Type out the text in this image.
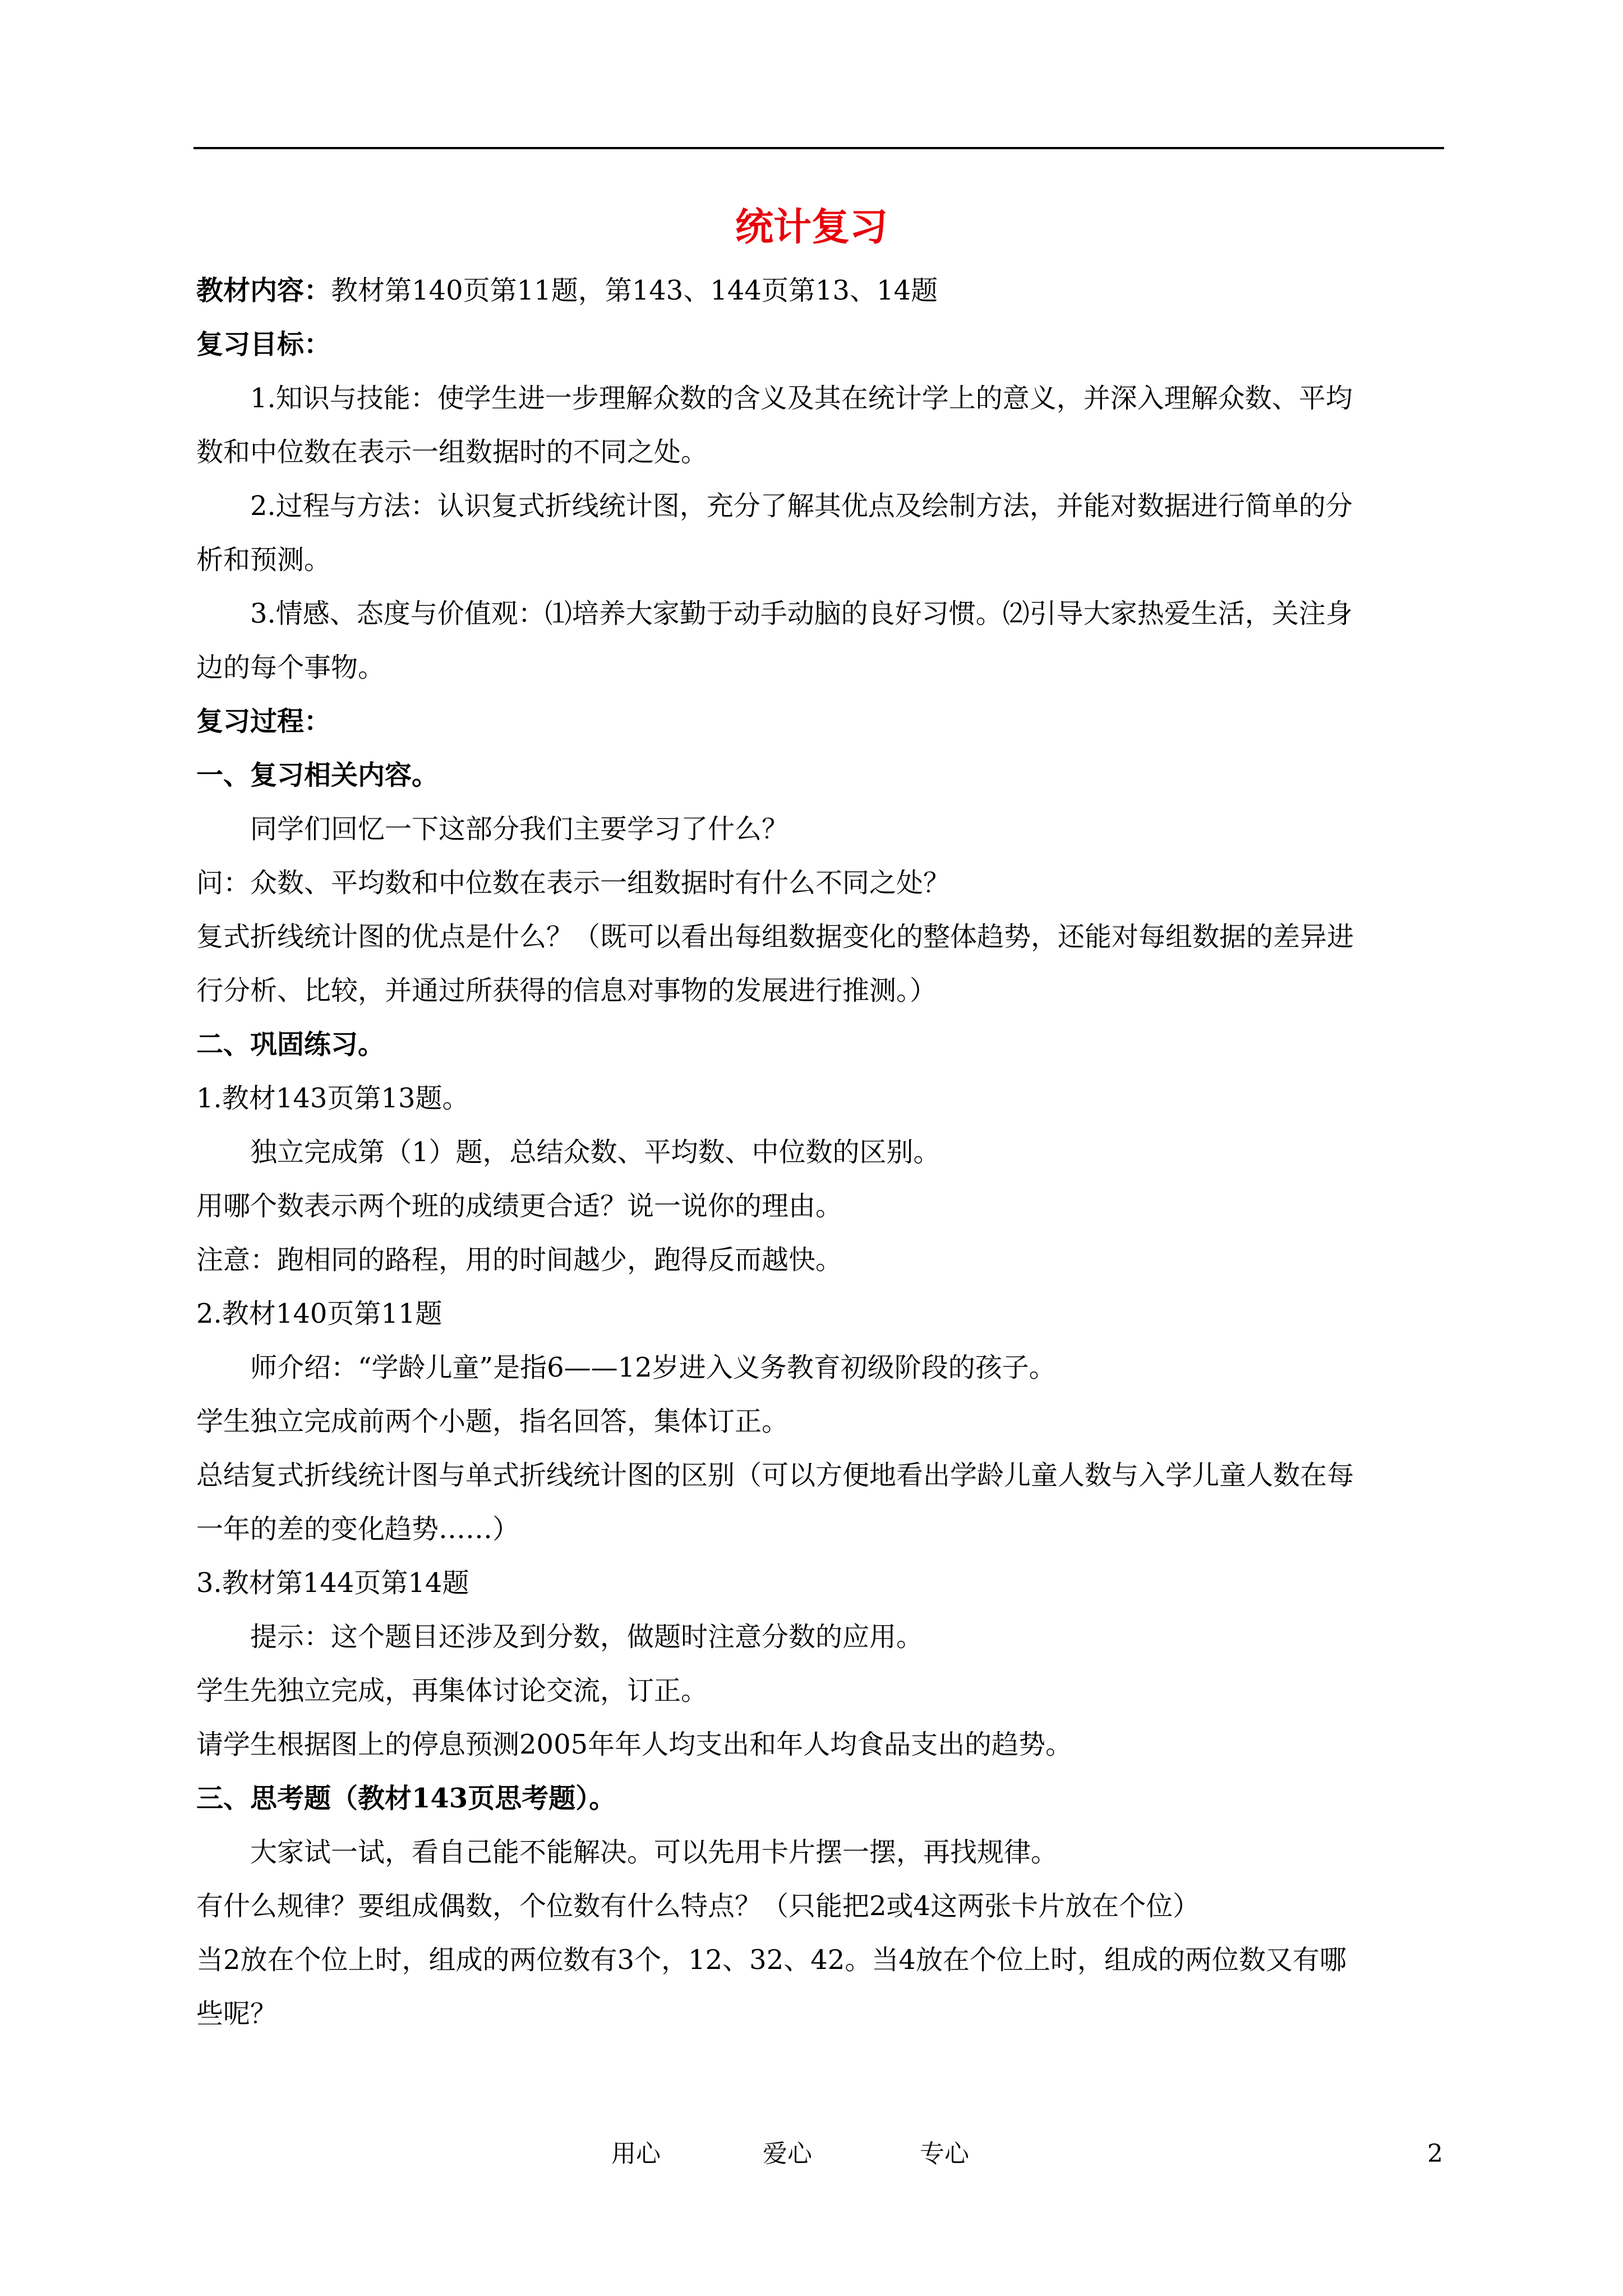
统计复习

教材内容：教材第140页第11题，第143、144页第13、14题

复习目标：

1.知识与技能：使学生进一步理解众数的含义及其在统计学上的意义，并深入理解众数、平均

数和中位数在表示一组数据时的不同之处。

2.过程与方法：认识复式折线统计图，充分了解其优点及绘制方法，并能对数据进行简单的分

析和预测。

3.情感、态度与价值观：⑴培养大家勤于动手动脑的良好习惯。⑵引导大家热爱生活，关注身

边的每个事物。

复习过程：

一、复习相关内容。

同学们回忆一下这部分我们主要学习了什么？

问：众数、平均数和中位数在表示一组数据时有什么不同之处？

复式折线统计图的优点是什么？（既可以看出每组数据变化的整体趋势，还能对每组数据的差异进

行分析、比较，并通过所获得的信息对事物的发展进行推测。）

二、巩固练习。

1.教材143页第13题。

独立完成第（1）题，总结众数、平均数、中位数的区别。

用哪个数表示两个班的成绩更合适？说一说你的理由。

注意：跑相同的路程，用的时间越少，跑得反而越快。

2.教材140页第11题

师介绍：“学龄儿童”是指6——12岁进入义务教育初级阶段的孩子。

学生独立完成前两个小题，指名回答，集体订正。

总结复式折线统计图与单式折线统计图的区别（可以方便地看出学龄儿童人数与入学儿童人数在每

一年的差的变化趋势……）

3.教材第144页第14题

提示：这个题目还涉及到分数，做题时注意分数的应用。

学生先独立完成，再集体讨论交流，订正。

请学生根据图上的停息预测2005年年人均支出和年人均食品支出的趋势。

三、思考题（教材143页思考题）。

大家试一试，看自己能不能解决。可以先用卡片摆一摆，再找规律。

有什么规律？要组成偶数，个位数有什么特点？（只能把2或4这两张卡片放在个位）

当2放在个位上时，组成的两位数有3个，12、32、42。当4放在个位上时，组成的两位数又有哪

些呢？

用心	爱心	专心	2
